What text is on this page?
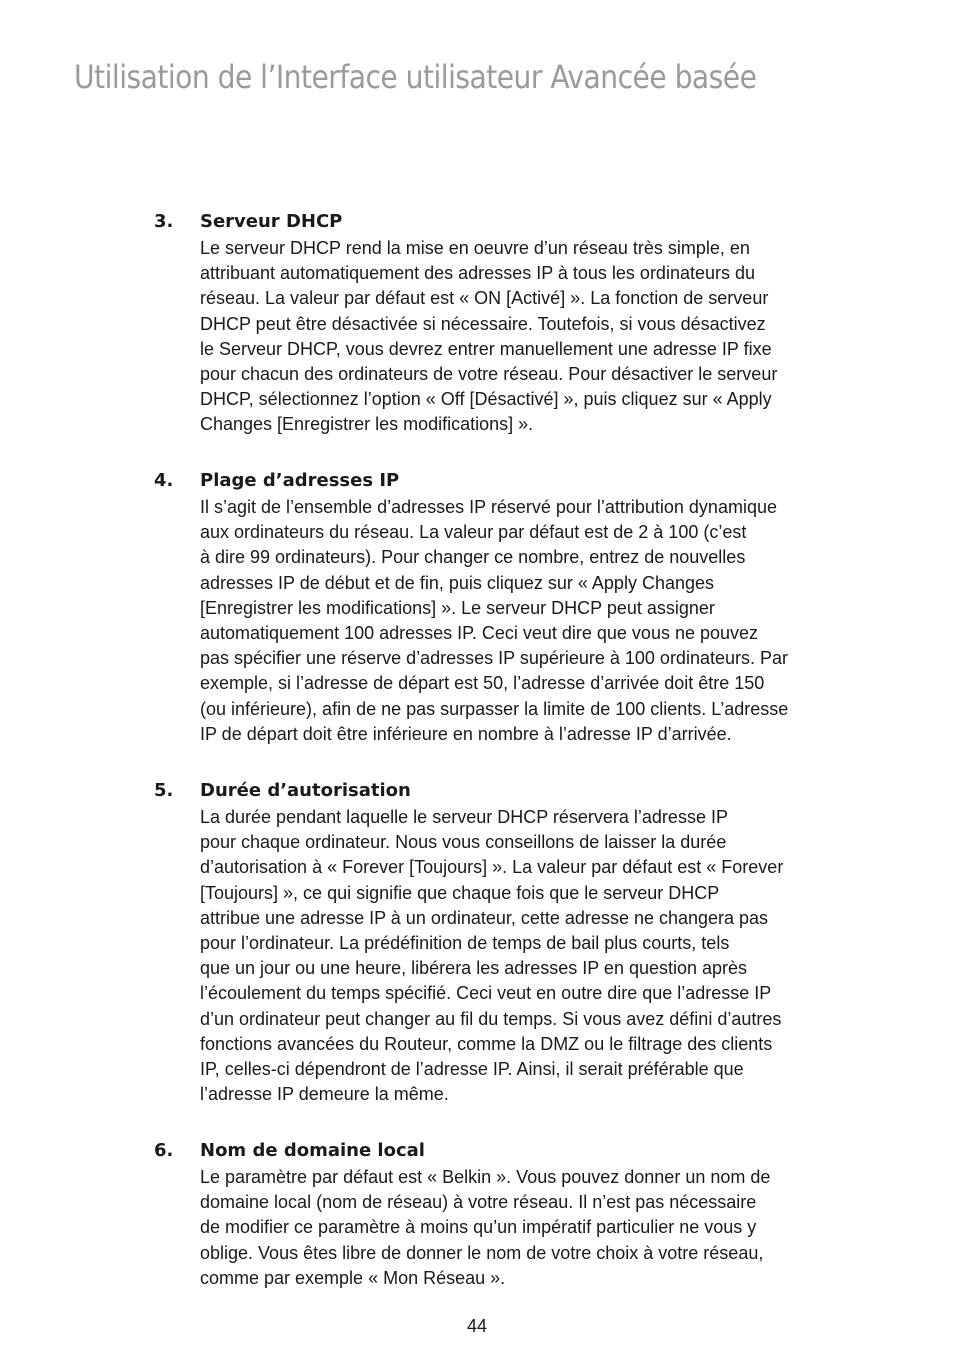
Utilisation de l’Interface utilisateur Avancée basée
3. Serveur DHCP
Le serveur DHCP rend la mise en oeuvre d’un réseau très simple, en
attribuant automatiquement des adresses IP à tous les ordinateurs du
réseau. La valeur par défaut est « ON [Activé] ». La fonction de serveur
DHCP peut être désactivée si nécessaire. Toutefois, si vous désactivez
le Serveur DHCP, vous devrez entrer manuellement une adresse IP fixe
pour chacun des ordinateurs de votre réseau. Pour désactiver le serveur
DHCP, sélectionnez l’option « Off [Désactivé] », puis cliquez sur « Apply
Changes [Enregistrer les modifications] ».
4. Plage d’adresses IP
Il s’agit de l’ensemble d’adresses IP réservé pour l’attribution dynamique
aux ordinateurs du réseau. La valeur par défaut est de 2 à 100 (c’est
à dire 99 ordinateurs). Pour changer ce nombre, entrez de nouvelles
adresses IP de début et de fin, puis cliquez sur « Apply Changes
[Enregistrer les modifications] ». Le serveur DHCP peut assigner
automatiquement 100 adresses IP. Ceci veut dire que vous ne pouvez
pas spécifier une réserve d’adresses IP supérieure à 100 ordinateurs. Par
exemple, si l’adresse de départ est 50, l’adresse d’arrivée doit être 150
(ou inférieure), afin de ne pas surpasser la limite de 100 clients. L’adresse
IP de départ doit être inférieure en nombre à l’adresse IP d’arrivée.
5. Durée d’autorisation
La durée pendant laquelle le serveur DHCP réservera l’adresse IP
pour chaque ordinateur. Nous vous conseillons de laisser la durée
d’autorisation à « Forever [Toujours] ». La valeur par défaut est « Forever
[Toujours] », ce qui signifie que chaque fois que le serveur DHCP
attribue une adresse IP à un ordinateur, cette adresse ne changera pas
pour l’ordinateur. La prédéfinition de temps de bail plus courts, tels
que un jour ou une heure, libérera les adresses IP en question après
l’écoulement du temps spécifié. Ceci veut en outre dire que l’adresse IP
d’un ordinateur peut changer au fil du temps. Si vous avez défini d’autres
fonctions avancées du Routeur, comme la DMZ ou le filtrage des clients
IP, celles-ci dépendront de l’adresse IP. Ainsi, il serait préférable que
l’adresse IP demeure la même.
6. Nom de domaine local
Le paramètre par défaut est « Belkin ». Vous pouvez donner un nom de
domaine local (nom de réseau) à votre réseau. Il n’est pas nécessaire
de modifier ce paramètre à moins qu’un impératif particulier ne vous y
oblige. Vous êtes libre de donner le nom de votre choix à votre réseau,
comme par exemple « Mon Réseau ».
44
